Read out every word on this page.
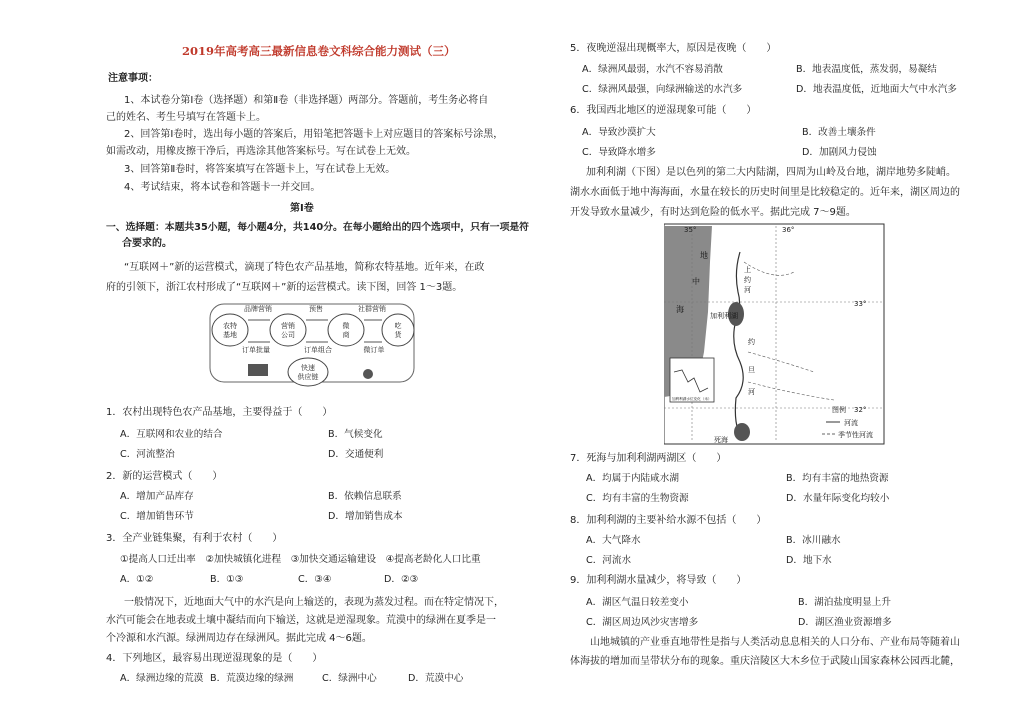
2019年高考高三最新信息卷文科综合能力测试（三）
注意事项：
1、本试卷分第Ⅰ卷（选择题）和第Ⅱ卷（非选择题）两部分。答题前，考生务必将自
己的姓名、考生号填写在答题卡上。
2、回答第Ⅰ卷时，选出每小题的答案后，用铅笔把答题卡上对应题目的答案标号涂黑，
如需改动，用橡皮擦干净后，再选涂其他答案标号。写在试卷上无效。
3、回答第Ⅱ卷时，将答案填写在答题卡上，写在试卷上无效。
4、考试结束，将本试卷和答题卡一并交回。
第Ⅰ卷
一、选择题：本题共35小题，每小题4分，共140分。在每小题给出的四个选项中，只有一项是符
合要求的。
“互联网＋”新的运营模式，滴现了特色农产品基地，简称农特基地。近年来，在政
府的引领下，浙江农村形成了“互联网＋”新的运营模式。读下图，回答 1～3题。
农特
基地
营销
公司
微
商
吃
货
快速
供应链
品牌营销	预售	社群营销
订单批量	订单组合	微订单
1．农村出现特色农产品基地，主要得益于（　　）
A．互联网和农业的结合	B．气候变化
C．河流整治	D．交通便利
2．新的运营模式（　　）
A．增加产品库存	B．依赖信息联系
C．增加销售环节	D．增加销售成本
3．全产业链集聚，有利于农村（　　）
①提高人口迁出率　②加快城镇化进程　③加快交通运输建设　④提高老龄化人口比重
A．①②	B．①③	C．③④	D．②③
一般情况下，近地面大气中的水汽是向上输送的，表现为蒸发过程。而在特定情况下，
水汽可能会在地表或土壤中凝结而向下输送，这就是逆湿现象。荒漠中的绿洲在夏季是一
个冷源和水汽源。绿洲周边存在绿洲风。据此完成 4～6题。
4．下列地区，最容易出现逆湿现象的是（　　）
A．绿洲边缘的荒漠 B．荒漠边缘的绿洲	C．绿洲中心	D．荒漠中心
5．夜晚逆湿出现概率大，原因是夜晚（　　）
A．绿洲风最弱，水汽不容易消散	B．地表温度低，蒸发弱，易凝结
C．绿洲风最强，向绿洲输送的水汽多	D．地表温度低，近地面大气中水汽多
6．我国西北地区的逆湿现象可能（　　）
A．导致沙漠扩大	B．改善土壤条件
C．导致降水增多	D．加剧风力侵蚀
加利利湖（下图）是以色列的第二大内陆湖，四周为山岭及台地，湖岸地势多陡峭。
湖水水面低于地中海海面，水量在较长的历史时间里是比较稳定的。近年来，湖区周边的
开发导致水量减少，有时达到危险的低水平。据此完成 7～9题。
35°	36°
33°
32°
地
中
海
上
约
河
约
旦
河
加利利湖
死海
加利利湖水位变化（米）
图例
河流
季节性河流
7．死海与加利利湖两湖区（　　）
A．均属于内陆咸水湖	B．均有丰富的地热资源
C．均有丰富的生物资源	D．水量年际变化均较小
8．加利利湖的主要补给水源不包括（　　）
A．大气降水	B．冰川融水
C．河流水	D．地下水
9．加利利湖水量减少，将导致（　　）
A．湖区气温日较差变小	B．湖泊盐度明显上升
C．湖区周边风沙灾害增多	D．湖区渔业资源增多
山地城镇的产业垂直地带性是指与人类活动息息相关的人口分布、产业布局等随着山
体海拔的增加而呈带状分布的现象。重庆涪陵区大木乡位于武陵山国家森林公园西北麓，
